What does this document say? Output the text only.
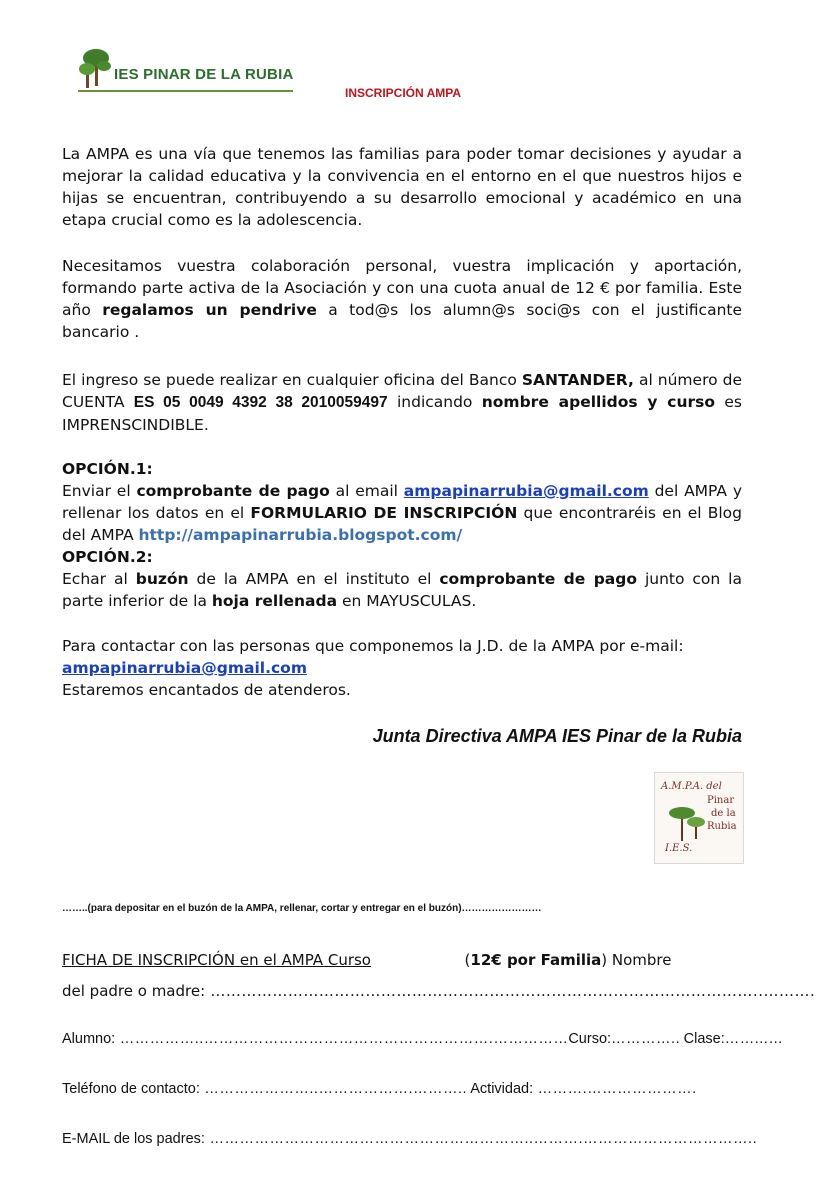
IES PINAR DE LA RUBIA
INSCRIPCIÓN AMPA
La AMPA es una vía que tenemos las familias para poder tomar decisiones y ayudar a mejorar la calidad educativa y la convivencia en el entorno en el que nuestros hijos e hijas se encuentran, contribuyendo a su desarrollo emocional y académico en una etapa crucial como es la adolescencia.
Necesitamos vuestra colaboración personal, vuestra implicación y aportación, formando parte activa de la Asociación y con una cuota anual de 12 € por familia. Este año regalamos un pendrive a tod@s los alumn@s soci@s con el justificante bancario .
El ingreso se puede realizar en cualquier oficina del Banco SANTANDER, al número de CUENTA ES 05 0049 4392 38 2010059497 indicando nombre apellidos y curso es IMPRENSCINDIBLE.
OPCIÓN.1:
Enviar el comprobante de pago al email ampapinarrubia@gmail.com del AMPA y rellenar los datos en el FORMULARIO DE INSCRIPCIÓN que encontraréis en el Blog del AMPA http://ampapinarrubia.blogspot.com/
OPCIÓN.2:
Echar al buzón de la AMPA en el instituto el comprobante de pago junto con la parte inferior de la hoja rellenada en MAYUSCULAS.
Para contactar con las personas que componemos la J.D. de la AMPA por e-mail: ampapinarrubia@gmail.com
Estaremos encantados de atenderos.
Junta Directiva AMPA IES Pinar de la Rubia
A.M.P.A. del
Pinar
de la
Rubia
I.E.S.
……..(para depositar en el buzón de la AMPA, rellenar, cortar y entregar en el buzón)……………………
FICHA DE INSCRIPCIÓN en el AMPA Curso	(12€ por Familia) Nombre
del padre o madre: ……………………………………………………………………………………………..……….
Alumno: ……………..………………………………………………….……………Curso:………….. Clase:……...…
Teléfono de contacto: …………………..……………….……….. Actividad: ……….………………….
E-MAIL de los padres: ………………………………………………………..……….……………………………..
